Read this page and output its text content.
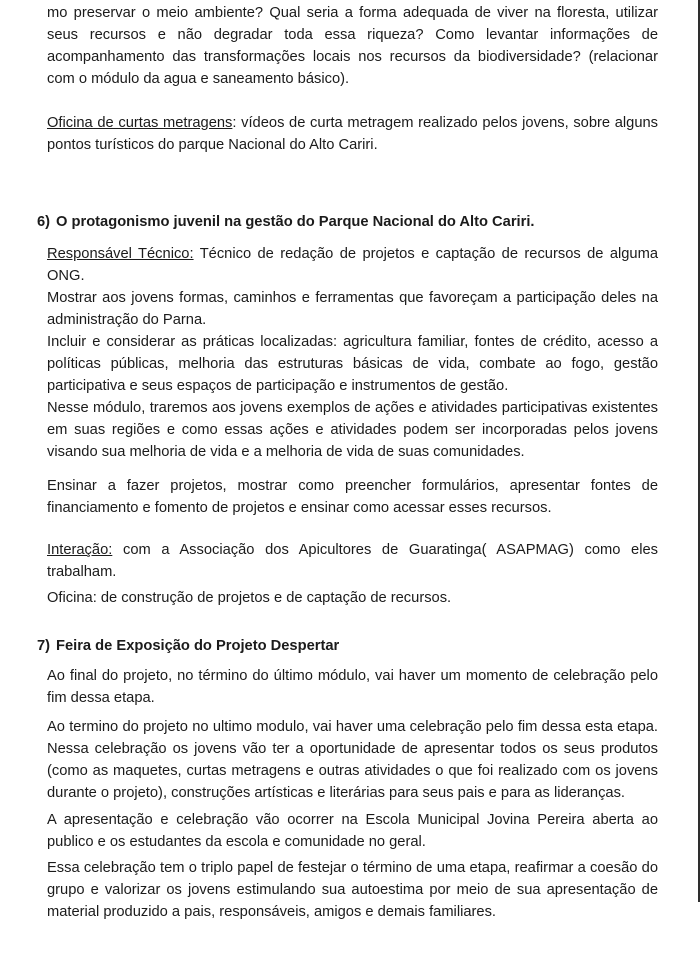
mo preservar o meio ambiente? Qual seria a forma adequada de viver na floresta, utilizar seus recursos e não degradar toda essa riqueza? Como levantar informações de acompanhamento das transformações locais nos recursos da biodiversidade? (relacionar com o módulo da agua e saneamento básico).

Oficina de curtas metragens: vídeos de curta metragem realizado pelos jovens, sobre alguns pontos turísticos do parque Nacional do Alto Cariri.

6) O protagonismo juvenil na gestão do Parque Nacional do Alto Cariri.

Responsável Técnico: Técnico de redação de projetos e captação de recursos de alguma ONG.

Mostrar aos jovens formas, caminhos e ferramentas que favoreçam a participação deles na administração do Parna.

Incluir e considerar as práticas localizadas: agricultura familiar, fontes de crédito, acesso a políticas públicas, melhoria das estruturas básicas de vida, combate ao fogo, gestão participativa e seus espaços de participação e instrumentos de gestão.

Nesse módulo, traremos aos jovens exemplos de ações e atividades participativas existentes em suas regiões e como essas ações e atividades podem ser incorporadas pelos jovens visando sua melhoria de vida e a melhoria de vida de suas comunidades.

Ensinar a fazer projetos, mostrar como preencher formulários, apresentar fontes de financiamento e fomento de projetos e ensinar como acessar esses recursos.

Interação: com a Associação dos Apicultores de Guaratinga( ASAPMAG) como eles trabalham.

Oficina: de construção de projetos e de captação de recursos.

7) Feira de Exposição do Projeto Despertar

Ao final do projeto, no término do último módulo, vai haver um momento de celebração pelo fim dessa etapa.

Ao termino do projeto no ultimo modulo, vai haver uma celebração pelo fim dessa esta etapa. Nessa celebração os jovens vão ter a oportunidade de apresentar todos os seus produtos (como as maquetes, curtas metragens e outras atividades o que foi realizado com os jovens durante o projeto), construções artísticas e literárias para seus pais e para as lideranças.

A apresentação e celebração vão ocorrer na Escola Municipal Jovina Pereira aberta ao publico e os estudantes da escola e comunidade no geral.

Essa celebração tem o triplo papel de festejar o término de uma etapa, reafirmar a coesão do grupo e valorizar os jovens estimulando sua autoestima por meio de sua apresentação de material produzido a pais, responsáveis, amigos e demais familiares.
